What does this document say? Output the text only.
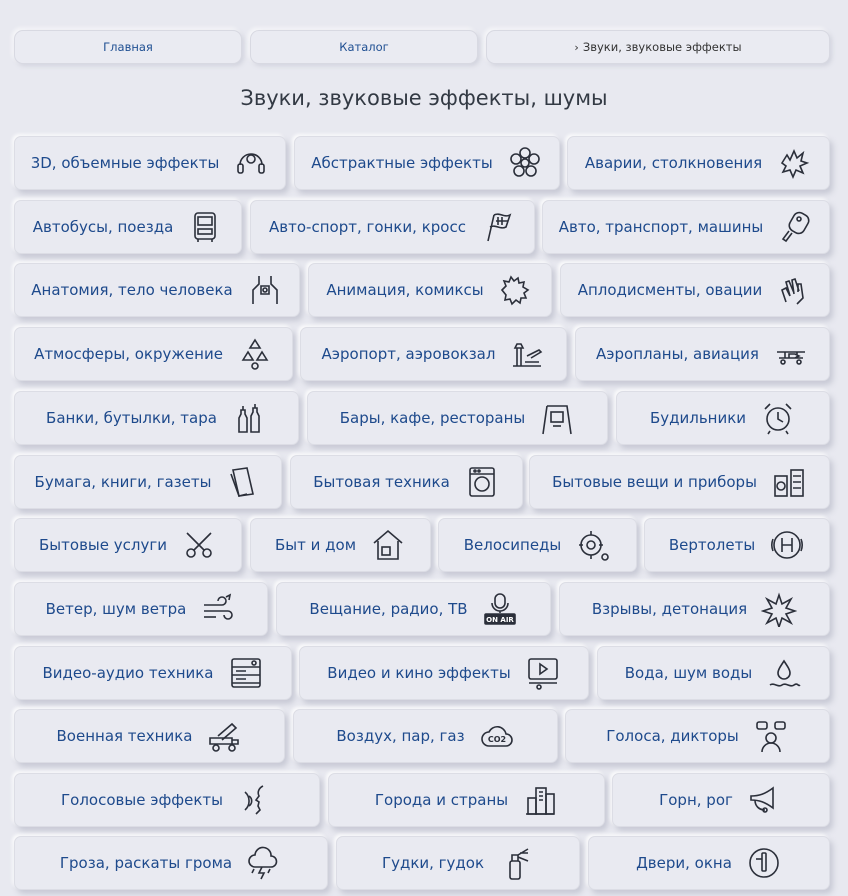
Главная	Каталог	› Звуки, звуковые эффекты
Звуки, звуковые эффекты, шумы
3D, объемные эффекты	Абстрактные эффекты	Аварии, столкновения
Автобусы, поезда	Авто-спорт, гонки, кросс	Авто, транспорт, машины
Анатомия, тело человека	Анимация, комиксы	Аплодисменты, овации
Атмосферы, окружение	Аэропорт, аэровокзал	Аэропланы, авиация
Банки, бутылки, тара	Бары, кафе, рестораны	Будильники
Бумага, книги, газеты	Бытовая техника	Бытовые вещи и приборы
Бытовые услуги	Быт и дом	Велосипеды	Вертолеты
Ветер, шум ветра	Вещание, радио, ТВ
ON AIR
Взрывы, детонация
Видео-аудио техника	Видео и кино эффекты	Вода, шум воды
Военная техника	Воздух, пар, газ	CO2	Голоса, дикторы
Голосовые эффекты	Города и страны	Горн, рог
Гроза, раскаты грома	Гудки, гудок	Двери, окна
